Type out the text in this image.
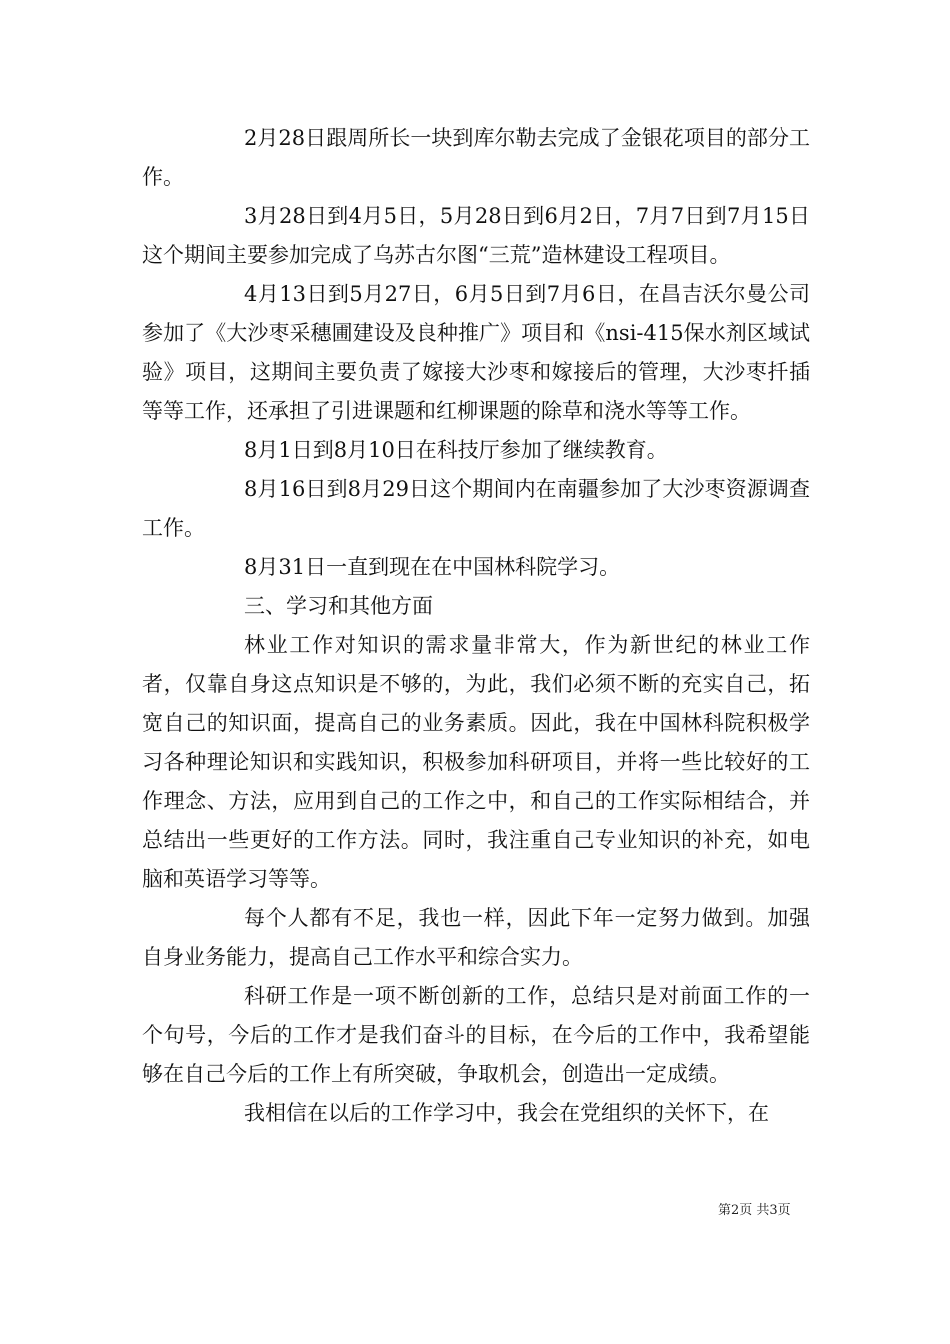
2月28日跟周所长一块到库尔勒去完成了金银花项目的部分工作。

3月28日到4月5日，5月28日到6月2日，7月7日到7月15日这个期间主要参加完成了乌苏古尔图“三荒”造林建设工程项目。

4月13日到5月27日，6月5日到7月6日，在昌吉沃尔曼公司参加了《大沙枣采穗圃建设及良种推广》项目和《nsi-415保水剂区域试验》项目，这期间主要负责了嫁接大沙枣和嫁接后的管理，大沙枣扦插等等工作，还承担了引进课题和红柳课题的除草和浇水等等工作。

8月1日到8月10日在科技厅参加了继续教育。

8月16日到8月29日这个期间内在南疆参加了大沙枣资源调查工作。

8月31日一直到现在在中国林科院学习。

三、学习和其他方面

林业工作对知识的需求量非常大，作为新世纪的林业工作者，仅靠自身这点知识是不够的，为此，我们必须不断的充实自己，拓宽自己的知识面，提高自己的业务素质。因此，我在中国林科院积极学习各种理论知识和实践知识，积极参加科研项目，并将一些比较好的工作理念、方法，应用到自己的工作之中，和自己的工作实际相结合，并总结出一些更好的工作方法。同时，我注重自己专业知识的补充，如电脑和英语学习等等。

每个人都有不足，我也一样，因此下年一定努力做到。加强自身业务能力，提高自己工作水平和综合实力。

科研工作是一项不断创新的工作，总结只是对前面工作的一个句号，今后的工作才是我们奋斗的目标，在今后的工作中，我希望能够在自己今后的工作上有所突破，争取机会，创造出一定成绩。

我相信在以后的工作学习中，我会在党组织的关怀下，在

第2页 共3页
